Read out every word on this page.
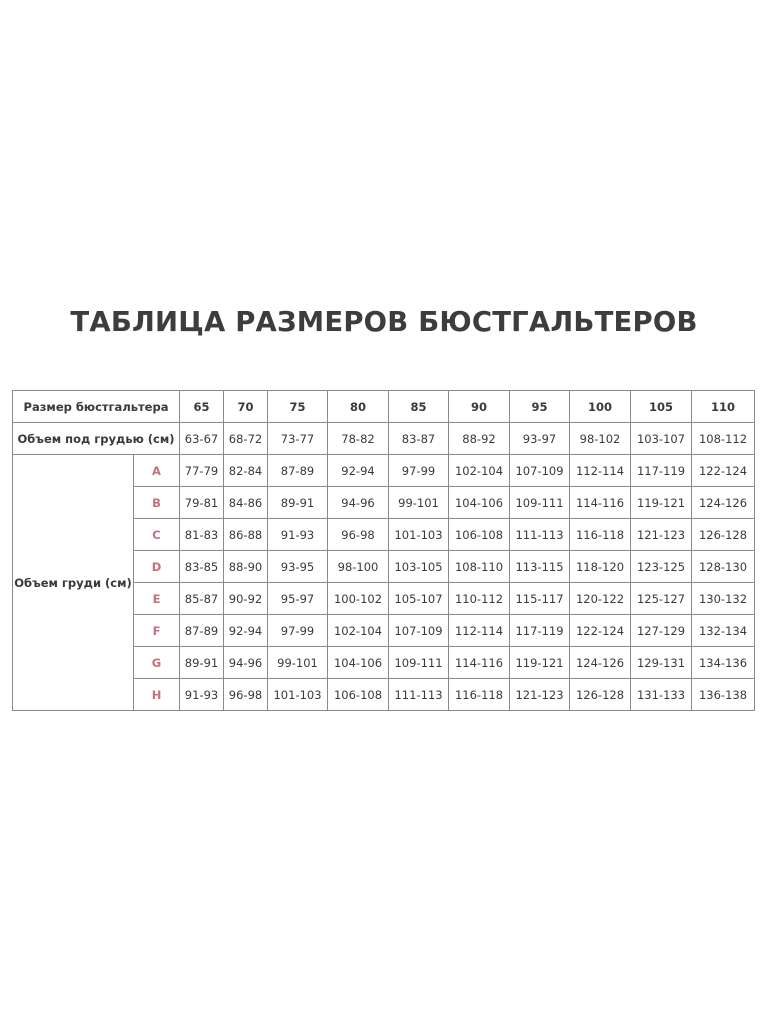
ТАБЛИЦА РАЗМЕРОВ БЮСТГАЛЬТЕРОВ
Размер бюстгальтера		65	70	75	80	85	90	95	100	105	110
Объем под грудью (см)		63-67	68-72	73-77	78-82	83-87	88-92	93-97	98-102	103-107	108-112
Объем груди (см)	A	77-79	82-84	87-89	92-94	97-99	102-104	107-109	112-114	117-119	122-124
	B	79-81	84-86	89-91	94-96	99-101	104-106	109-111	114-116	119-121	124-126
	C	81-83	86-88	91-93	96-98	101-103	106-108	111-113	116-118	121-123	126-128
	D	83-85	88-90	93-95	98-100	103-105	108-110	113-115	118-120	123-125	128-130
	E	85-87	90-92	95-97	100-102	105-107	110-112	115-117	120-122	125-127	130-132
	F	87-89	92-94	97-99	102-104	107-109	112-114	117-119	122-124	127-129	132-134
	G	89-91	94-96	99-101	104-106	109-111	114-116	119-121	124-126	129-131	134-136
	H	91-93	96-98	101-103	106-108	111-113	116-118	121-123	126-128	131-133	136-138
